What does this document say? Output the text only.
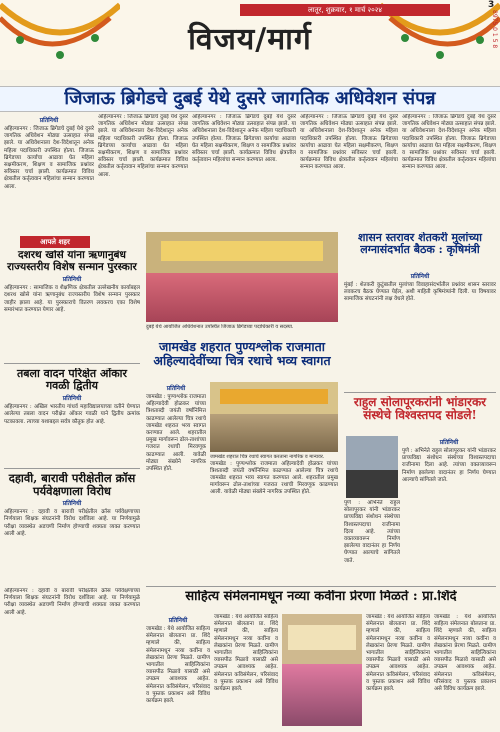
लातूर, शुक्रवार, १ मार्च २०२४
विजय/मार्ग
3
8975 0 1 5 8
जिजाऊ ब्रिगेडचे दुबई येथे दुसरे जागतिक अधिवेशन संपन्न
प्रतिनिधी
अहिल्यानगर : जिजाऊ ब्रिगेडचे दुबई येथे दुसरे जागतिक अधिवेशन मोठ्या उत्साहात संपन्न झाले. या अधिवेशनाला देश-विदेशातून अनेक महिला पदाधिकारी उपस्थित होत्या. जिजाऊ ब्रिगेडच्या कार्याचा आढावा घेत महिला सक्षमीकरण, शिक्षण व सामाजिक प्रश्नांवर सविस्तर चर्चा झाली. कार्यक्रमात विविध क्षेत्रातील कर्तृत्ववान महिलांचा सन्मान करण्यात आला.
अहिल्यानगर : जिजाऊ ब्रिगेडचे दुबई येथे दुसरे जागतिक अधिवेशन मोठ्या उत्साहात संपन्न झाले. या अधिवेशनाला देश-विदेशातून अनेक महिला पदाधिकारी उपस्थित होत्या. जिजाऊ ब्रिगेडच्या कार्याचा आढावा घेत महिला सक्षमीकरण, शिक्षण व सामाजिक प्रश्नांवर सविस्तर चर्चा झाली. कार्यक्रमात विविध क्षेत्रातील कर्तृत्ववान महिलांचा सन्मान करण्यात आला.
अहिल्यानगर : जिजाऊ ब्रिगेडचे दुबई येथे दुसरे जागतिक अधिवेशन मोठ्या उत्साहात संपन्न झाले. या अधिवेशनाला देश-विदेशातून अनेक महिला पदाधिकारी उपस्थित होत्या. जिजाऊ ब्रिगेडच्या कार्याचा आढावा घेत महिला सक्षमीकरण, शिक्षण व सामाजिक प्रश्नांवर सविस्तर चर्चा झाली. कार्यक्रमात विविध क्षेत्रातील कर्तृत्ववान महिलांचा सन्मान करण्यात आला.
अहिल्यानगर : जिजाऊ ब्रिगेडचे दुबई येथे दुसरे जागतिक अधिवेशन मोठ्या उत्साहात संपन्न झाले. या अधिवेशनाला देश-विदेशातून अनेक महिला पदाधिकारी उपस्थित होत्या. जिजाऊ ब्रिगेडच्या कार्याचा आढावा घेत महिला सक्षमीकरण, शिक्षण व सामाजिक प्रश्नांवर सविस्तर चर्चा झाली. कार्यक्रमात विविध क्षेत्रातील कर्तृत्ववान महिलांचा सन्मान करण्यात आला.
अहिल्यानगर : जिजाऊ ब्रिगेडचे दुबई येथे दुसरे जागतिक अधिवेशन मोठ्या उत्साहात संपन्न झाले. या अधिवेशनाला देश-विदेशातून अनेक महिला पदाधिकारी उपस्थित होत्या. जिजाऊ ब्रिगेडच्या कार्याचा आढावा घेत महिला सक्षमीकरण, शिक्षण व सामाजिक प्रश्नांवर सविस्तर चर्चा झाली. कार्यक्रमात विविध क्षेत्रातील कर्तृत्ववान महिलांचा सन्मान करण्यात आला.
आपले शहर
दशरथ खोसे यांना ऋणानुबंध राज्यस्तरीय विशेष सन्मान पुरस्कार
प्रतिनिधी
अहिल्यानगर : सामाजिक व शैक्षणिक क्षेत्रातील उल्लेखनीय कार्याबद्दल दशरथ खोसे यांना ऋणानुबंध राज्यस्तरीय विशेष सन्मान पुरस्कार जाहीर झाला आहे. या पुरस्काराचे वितरण लवकरच एका विशेष समारंभात करण्यात येणार आहे.
तबला वादन परिक्षेत ओंकार गवळी द्वितीय
प्रतिनिधी
अहिल्यानगर : अखिल भारतीय गांधर्व महाविद्यालयाच्या वतीने घेण्यात आलेल्या तबला वादन परीक्षेत ओंकार गवळी याने द्वितीय क्रमांक पटकावला. त्याच्या यशाबद्दल सर्वत्र कौतुक होत आहे.
दहावी, बारावी परीक्षेतील क्रॉस पर्यवेक्षणाला विरोध
प्रतिनिधी
अहिल्यानगर : दहावी व बारावी परीक्षेतील क्रॉस पर्यवेक्षणाच्या निर्णयाला शिक्षक संघटनांनी विरोध दर्शविला आहे. या निर्णयामुळे परीक्षा व्यवस्थेत अडचणी निर्माण होण्याची शक्यता व्यक्त करण्यात आली आहे.
दुबई येथे आयोजित अधिवेशनात उपस्थित जिजाऊ ब्रिगेडच्या पदाधिकारी व सदस्या.
जामखेड शहरात पुण्यश्लोक राजमाता अहिल्यादेवींच्या चित्र रथाचे भव्य स्वागत
प्रतिनिधी
जामखेड : पुण्यश्लोक राजमाता अहिल्यादेवी होळकर यांच्या त्रिशताब्दी जयंती वर्षानिमित्त काढण्यात आलेल्या चित्र रथाचे जामखेड शहरात भव्य स्वागत करण्यात आले. शहरातील प्रमुख मार्गावरून ढोल-ताशांच्या गजरात रथाची मिरवणूक काढण्यात आली. यावेळी मोठ्या संख्येने नागरिक उपस्थित होते.
जामखेड शहरात चित्र रथाचे स्वागत करताना नागरिक व मान्यवर.
जामखेड : पुण्यश्लोक राजमाता अहिल्यादेवी होळकर यांच्या त्रिशताब्दी जयंती वर्षानिमित्त काढण्यात आलेल्या चित्र रथाचे जामखेड शहरात भव्य स्वागत करण्यात आले. शहरातील प्रमुख मार्गावरून ढोल-ताशांच्या गजरात रथाची मिरवणूक काढण्यात आली. यावेळी मोठ्या संख्येने नागरिक उपस्थित होते.
शासन स्तरावर शेतकरी मुलांच्या लग्नासंदर्भात बैठक : कृषिमंत्री
प्रतिनिधी
मुंबई : शेतकरी कुटुंबातील मुलांच्या विवाहासंदर्भातील प्रश्नांवर शासन स्तरावर लवकरच बैठक घेण्यात येईल, अशी माहिती कृषिमंत्र्यांनी दिली. या विषयावर सामाजिक संघटनांनी लक्ष वेधले होते.
राहुल सोलापूरकरांनी भांडारकर संस्थेचे विश्वस्तपद सोडले!
प्रतिनिधी
पुणे : अभिनेते राहुल सोलापूरकर यांनी भांडारकर प्राच्यविद्या संशोधन संस्थेच्या विश्वस्तपदाचा राजीनामा दिला आहे. त्यांच्या वक्तव्यावरून निर्माण झालेल्या वादानंतर हा निर्णय घेण्यात आल्याचे सांगितले जाते.
पुणे : अभिनेते राहुल सोलापूरकर यांनी भांडारकर प्राच्यविद्या संशोधन संस्थेच्या विश्वस्तपदाचा राजीनामा दिला आहे. त्यांच्या वक्तव्यावरून निर्माण झालेल्या वादानंतर हा निर्णय घेण्यात आल्याचे सांगितले जाते.
साहित्य संमेलनामधून नव्या कवींना प्रेरणा मिळते : प्रा.शिंदे
प्रतिनिधी
जामखेड : येथे आयोजित साहित्य संमेलनात बोलताना प्रा. शिंदे म्हणाले की, साहित्य संमेलनामधून नव्या कवींना व लेखकांना प्रेरणा मिळते. ग्रामीण भागातील साहित्यिकांना व्यासपीठ मिळावे यासाठी असे उपक्रम आवश्यक आहेत. संमेलनात कविसंमेलन, परिसंवाद व पुस्तक प्रकाशन असे विविध कार्यक्रम झाले.
जामखेड : येथे आयोजित साहित्य संमेलनात बोलताना प्रा. शिंदे म्हणाले की, साहित्य संमेलनामधून नव्या कवींना व लेखकांना प्रेरणा मिळते. ग्रामीण भागातील साहित्यिकांना व्यासपीठ मिळावे यासाठी असे उपक्रम आवश्यक आहेत. संमेलनात कविसंमेलन, परिसंवाद व पुस्तक प्रकाशन असे विविध कार्यक्रम झाले.
जामखेड : येथे आयोजित साहित्य संमेलनात बोलताना प्रा. शिंदे म्हणाले की, साहित्य संमेलनामधून नव्या कवींना व लेखकांना प्रेरणा मिळते. ग्रामीण भागातील साहित्यिकांना व्यासपीठ मिळावे यासाठी असे उपक्रम आवश्यक आहेत. संमेलनात कविसंमेलन, परिसंवाद व पुस्तक प्रकाशन असे विविध कार्यक्रम झाले.
जामखेड : येथे आयोजित साहित्य संमेलनात बोलताना प्रा. शिंदे म्हणाले की, साहित्य संमेलनामधून नव्या कवींना व लेखकांना प्रेरणा मिळते. ग्रामीण भागातील साहित्यिकांना व्यासपीठ मिळावे यासाठी असे उपक्रम आवश्यक आहेत. संमेलनात कविसंमेलन, परिसंवाद व पुस्तक प्रकाशन असे विविध कार्यक्रम झाले.
अहिल्यानगर : दहावी व बारावी परीक्षेतील क्रॉस पर्यवेक्षणाच्या निर्णयाला शिक्षक संघटनांनी विरोध दर्शविला आहे. या निर्णयामुळे परीक्षा व्यवस्थेत अडचणी निर्माण होण्याची शक्यता व्यक्त करण्यात आली आहे.
